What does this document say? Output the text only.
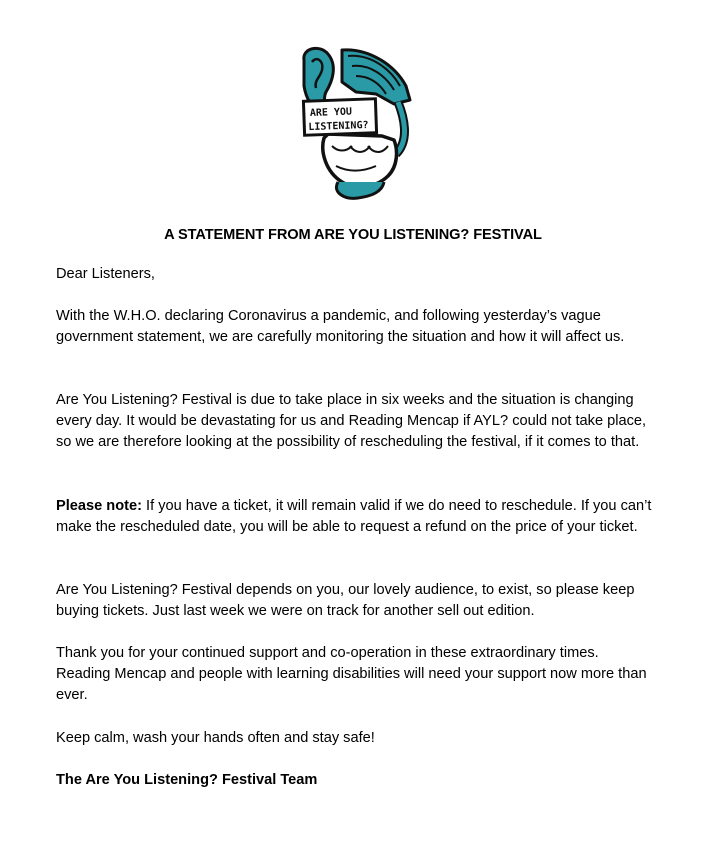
ARE YOU
LISTENING?
A STATEMENT FROM ARE YOU LISTENING? FESTIVAL
Dear Listeners,
With the W.H.O. declaring Coronavirus a pandemic, and following yesterday’s vague government statement, we are carefully monitoring the situation and how it will affect us.
Are You Listening? Festival is due to take place in six weeks and the situation is changing every day. It would be devastating for us and Reading Mencap if AYL? could not take place, so we are therefore looking at the possibility of rescheduling the festival, if it comes to that.
Please note: If you have a ticket, it will remain valid if we do need to reschedule. If you can’t make the rescheduled date, you will be able to request a refund on the price of your ticket.
Are You Listening? Festival depends on you, our lovely audience, to exist, so please keep buying tickets. Just last week we were on track for another sell out edition.
Thank you for your continued support and co-operation in these extraordinary times. Reading Mencap and people with learning disabilities will need your support now more than ever.
Keep calm, wash your hands often and stay safe!
The Are You Listening? Festival Team
